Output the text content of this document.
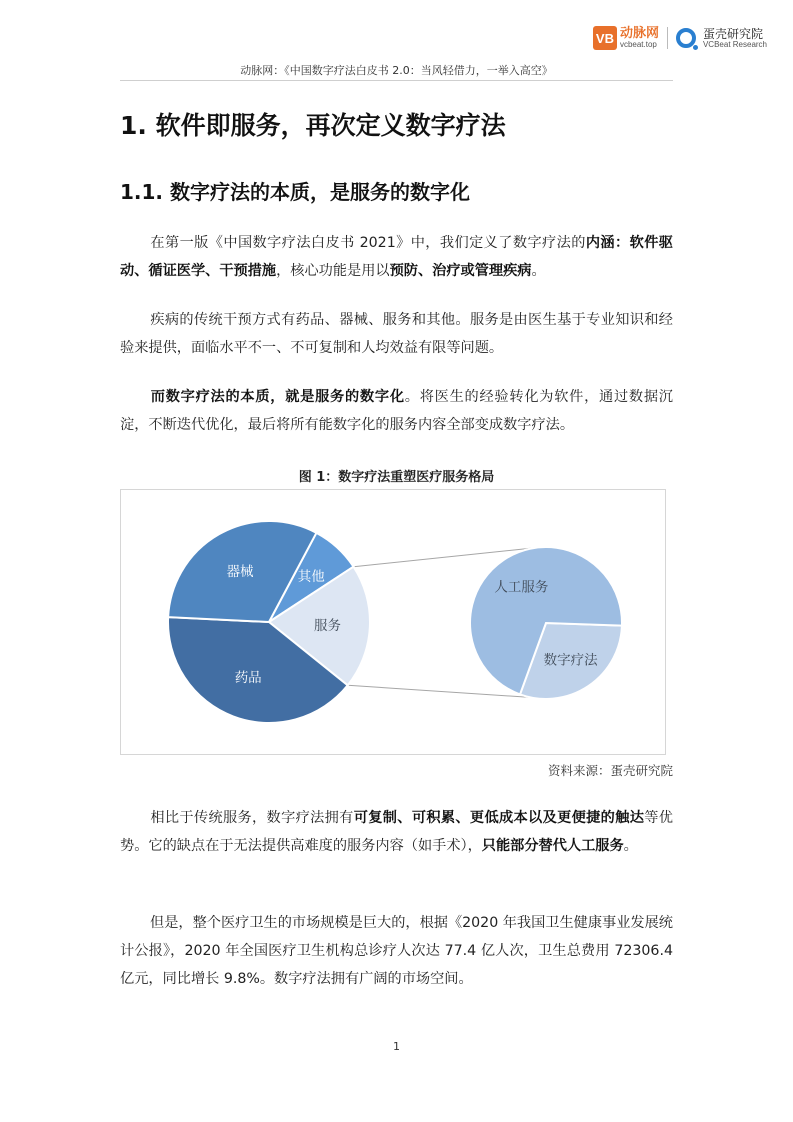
VB 动脉网
vcbeat.top
蛋壳研究院
VCBeat Research
动脉网：《中国数字疗法白皮书 2.0：当风轻借力，一举入高空》
1. 软件即服务，再次定义数字疗法
1.1. 数字疗法的本质，是服务的数字化
在第一版《中国数字疗法白皮书 2021》中，我们定义了数字疗法的内涵：软件驱动、循证医学、干预措施，核心功能是用以预防、治疗或管理疾病。
疾病的传统干预方式有药品、器械、服务和其他。服务是由医生基于专业知识和经验来提供，面临水平不一、不可复制和人均效益有限等问题。
而数字疗法的本质，就是服务的数字化。将医生的经验转化为软件，通过数据沉淀，不断迭代优化，最后将所有能数字化的服务内容全部变成数字疗法。
图 1：数字疗法重塑医疗服务格局
其他
服务
药品
器械
数字疗法
人工服务
资料来源：蛋壳研究院
相比于传统服务，数字疗法拥有可复制、可积累、更低成本以及更便捷的触达等优势。它的缺点在于无法提供高难度的服务内容（如手术），只能部分替代人工服务。
但是，整个医疗卫生的市场规模是巨大的，根据《2020 年我国卫生健康事业发展统计公报》，2020 年全国医疗卫生机构总诊疗人次达 77.4 亿人次，卫生总费用 72306.4 亿元，同比增长 9.8%。数字疗法拥有广阔的市场空间。
1
